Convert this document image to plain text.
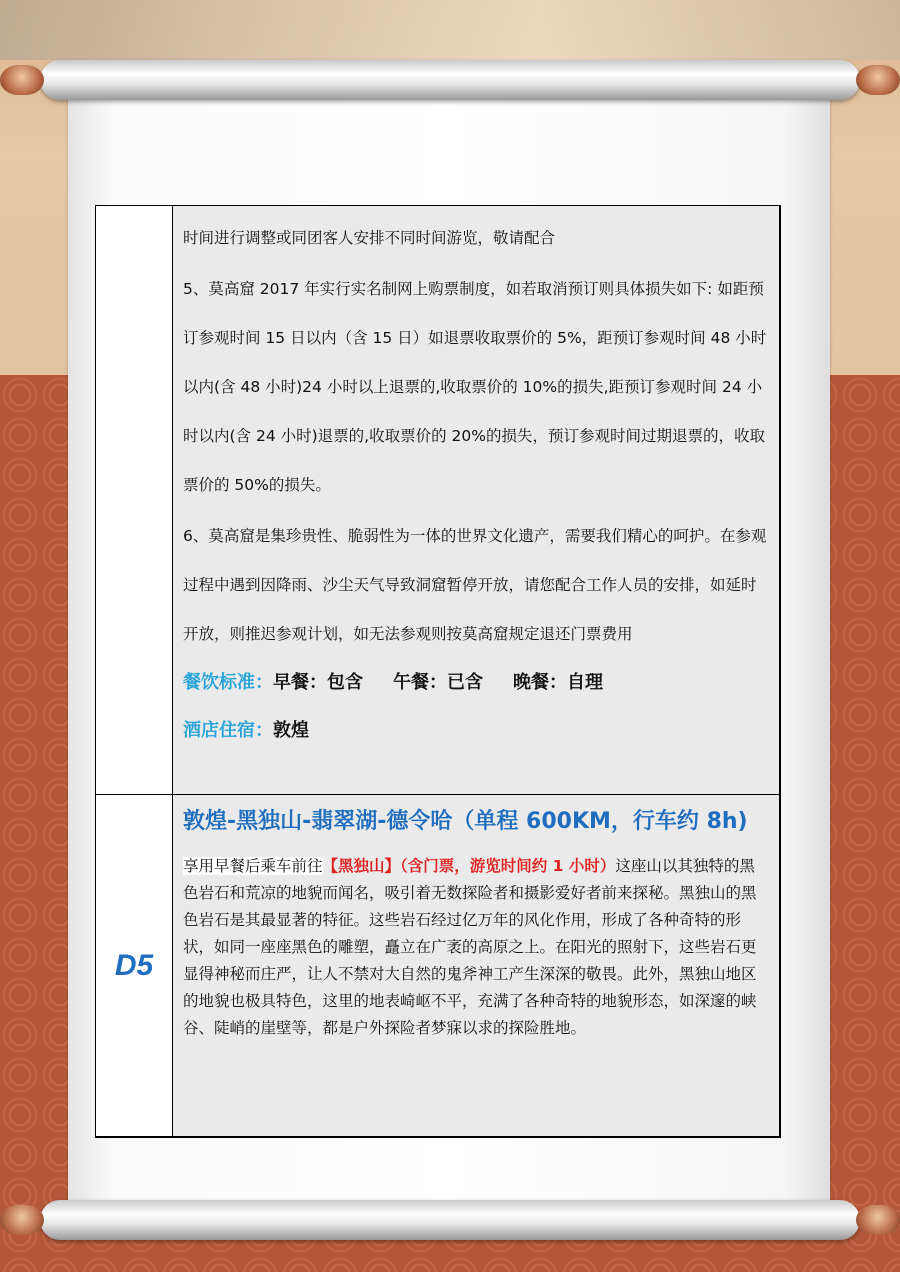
时间进行调整或同团客人安排不同时间游览，敬请配合

5、莫高窟 2017 年实行实名制网上购票制度，如若取消预订则具体损失如下: 如距预订参观时间 15 日以内（含 15 日）如退票收取票价的 5%，距预订参观时间 48 小时以内(含 48 小时)24 小时以上退票的,收取票价的 10%的损失,距预订参观时间 24 小时以内(含 24 小时)退票的,收取票价的 20%的损失，预订参观时间过期退票的，收取票价的 50%的损失。

6、莫高窟是集珍贵性、脆弱性为一体的世界文化遗产，需要我们精心的呵护。在参观过程中遇到因降雨、沙尘天气导致洞窟暂停开放，请您配合工作人员的安排，如延时开放，则推迟参观计划，如无法参观则按莫高窟规定退还门票费用

餐饮标准：早餐：包含 午餐：已含 晚餐：自理
酒店住宿：敦煌
D5

敦煌-黑独山-翡翠湖-德令哈（单程 600KM，行车约 8h)

享用早餐后乘车前往【黑独山】（含门票，游览时间约 1 小时）这座山以其独特的黑色岩石和荒凉的地貌而闻名，吸引着无数探险者和摄影爱好者前来探秘。黑独山的黑色岩石是其最显著的特征。这些岩石经过亿万年的风化作用，形成了各种奇特的形状，如同一座座黑色的雕塑，矗立在广袤的高原之上。在阳光的照射下，这些岩石更显得神秘而庄严，让人不禁对大自然的鬼斧神工产生深深的敬畏。此外，黑独山地区的地貌也极具特色，这里的地表崎岖不平，充满了各种奇特的地貌形态，如深邃的峡谷、陡峭的崖壁等，都是户外探险者梦寐以求的探险胜地。
